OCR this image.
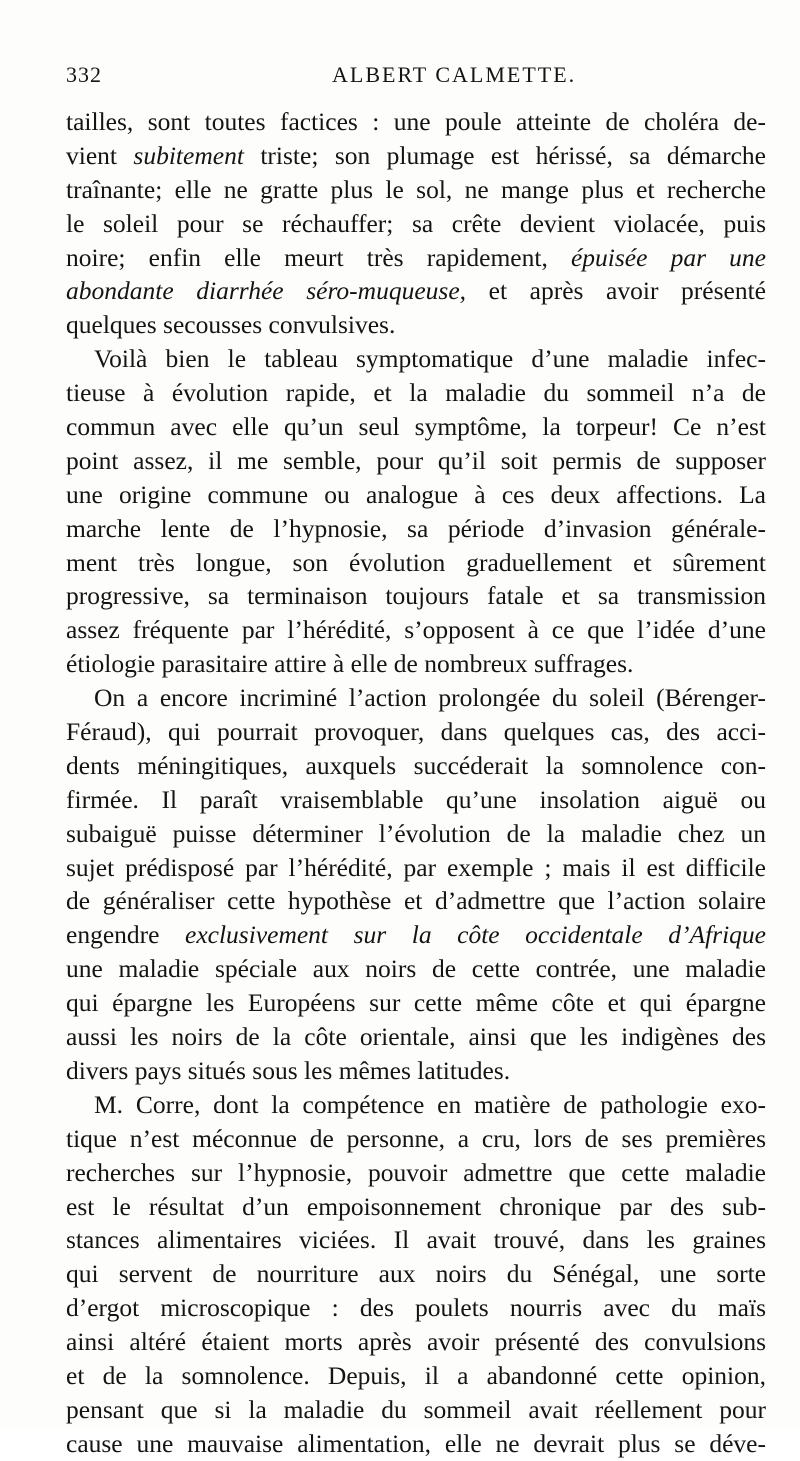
332	ALBERT CALMETTE.
tailles, sont toutes factices : une poule atteinte de choléra de-
vient subitement triste; son plumage est hérissé, sa démarche
traînante; elle ne gratte plus le sol, ne mange plus et recherche
le soleil pour se réchauffer; sa crête devient violacée, puis
noire; enfin elle meurt très rapidement, épuisée par une
abondante diarrhée séro-muqueuse, et après avoir présenté
quelques secousses convulsives.
Voilà bien le tableau symptomatique d’une maladie infec-
tieuse à évolution rapide, et la maladie du sommeil n’a de
commun avec elle qu’un seul symptôme, la torpeur! Ce n’est
point assez, il me semble, pour qu’il soit permis de supposer
une origine commune ou analogue à ces deux affections. La
marche lente de l’hypnosie, sa période d’invasion générale-
ment très longue, son évolution graduellement et sûrement
progressive, sa terminaison toujours fatale et sa transmission
assez fréquente par l’hérédité, s’opposent à ce que l’idée d’une
étiologie parasitaire attire à elle de nombreux suffrages.
On a encore incriminé l’action prolongée du soleil (Bérenger-
Féraud), qui pourrait provoquer, dans quelques cas, des acci-
dents méningitiques, auxquels succéderait la somnolence con-
firmée. Il paraît vraisemblable qu’une insolation aiguë ou
subaiguë puisse déterminer l’évolution de la maladie chez un
sujet prédisposé par l’hérédité, par exemple ; mais il est difficile
de généraliser cette hypothèse et d’admettre que l’action solaire
engendre exclusivement sur la côte occidentale d’Afrique
une maladie spéciale aux noirs de cette contrée, une maladie
qui épargne les Européens sur cette même côte et qui épargne
aussi les noirs de la côte orientale, ainsi que les indigènes des
divers pays situés sous les mêmes latitudes.
M. Corre, dont la compétence en matière de pathologie exo-
tique n’est méconnue de personne, a cru, lors de ses premières
recherches sur l’hypnosie, pouvoir admettre que cette maladie
est le résultat d’un empoisonnement chronique par des sub-
stances alimentaires viciées. Il avait trouvé, dans les graines
qui servent de nourriture aux noirs du Sénégal, une sorte
d’ergot microscopique : des poulets nourris avec du maïs
ainsi altéré étaient morts après avoir présenté des convulsions
et de la somnolence. Depuis, il a abandonné cette opinion,
pensant que si la maladie du sommeil avait réellement pour
cause une mauvaise alimentation, elle ne devrait plus se déve-
